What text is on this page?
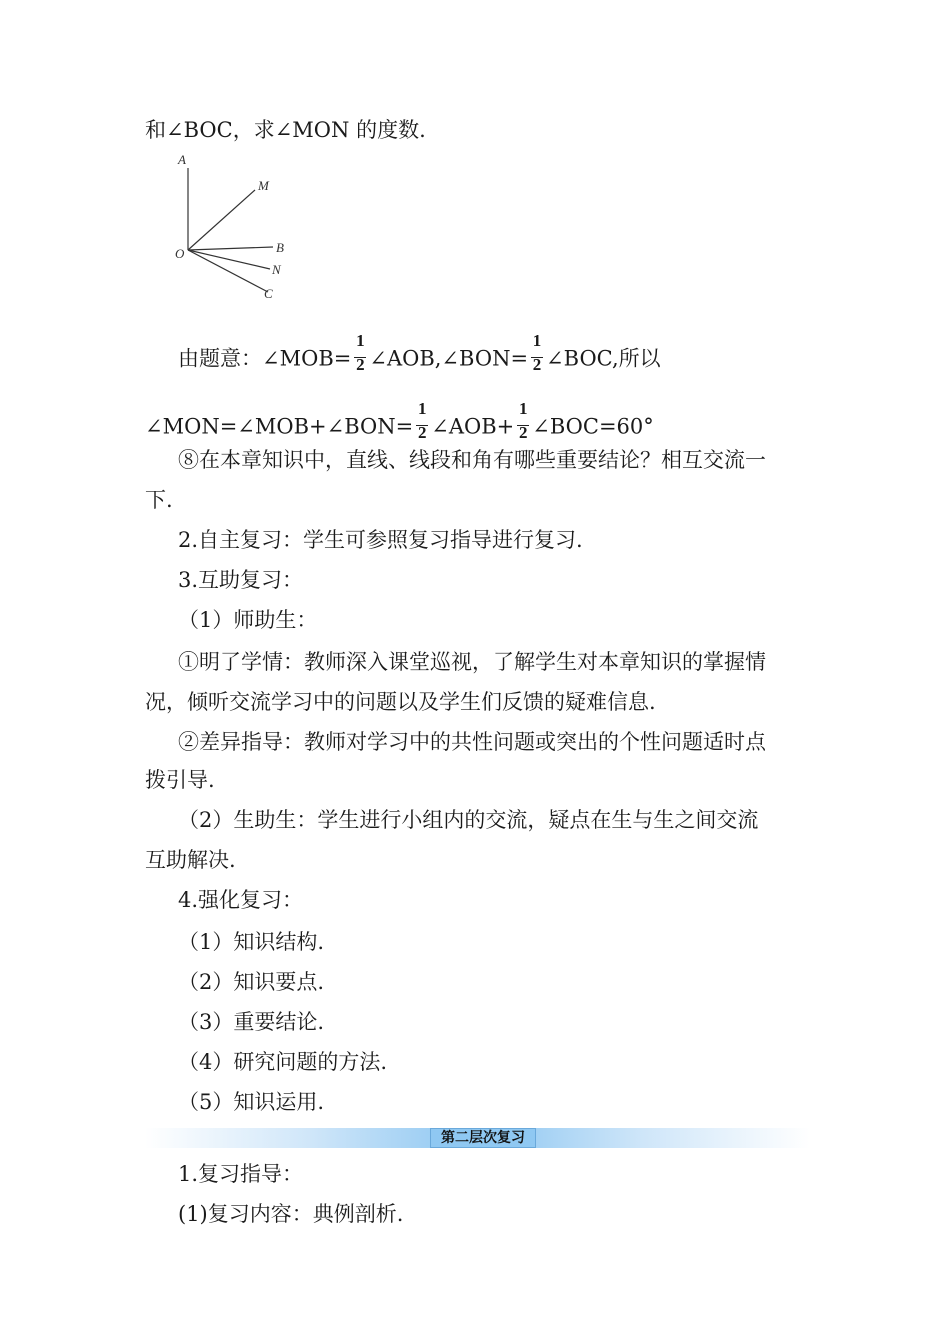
和∠BOC，求∠MON 的度数.
A
M
B
O
N
C
由题意：∠MOB= $\frac{1}{2}$ ∠AOB,∠BON= $\frac{1}{2}$ ∠BOC,所以
∠MON=∠MOB+∠BON= $\frac{1}{2}$ ∠AOB+ $\frac{1}{2}$ ∠BOC=60°
⑧在本章知识中，直线、线段和角有哪些重要结论？相互交流一
下.
2.自主复习：学生可参照复习指导进行复习.
3.互助复习：
（1）师助生：
①明了学情：教师深入课堂巡视，了解学生对本章知识的掌握情
况，倾听交流学习中的问题以及学生们反馈的疑难信息.
②差异指导：教师对学习中的共性问题或突出的个性问题适时点
拨引导.
（2）生助生：学生进行小组内的交流，疑点在生与生之间交流
互助解决.
4.强化复习：
（1）知识结构.
（2）知识要点.
（3）重要结论.
（4）研究问题的方法.
（5）知识运用.
第二层次复习
1.复习指导：
(1)复习内容：典例剖析.
